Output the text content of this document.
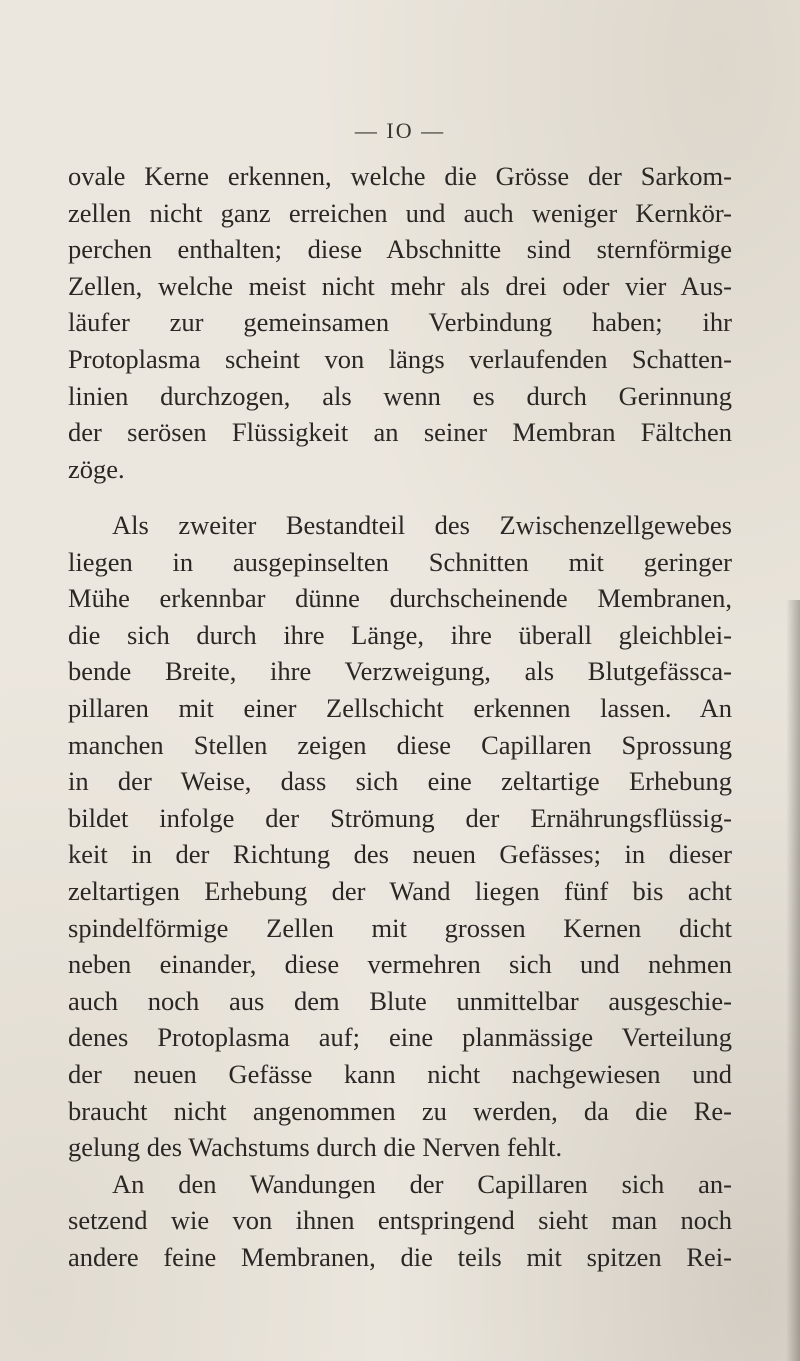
— IO —
ovale Kerne erkennen, welche die Grösse der Sarkom-
zellen nicht ganz erreichen und auch weniger Kernkör-
perchen enthalten; diese Abschnitte sind sternförmige
Zellen, welche meist nicht mehr als drei oder vier Aus-
läufer zur gemeinsamen Verbindung haben; ihr
Protoplasma scheint von längs verlaufenden Schatten-
linien durchzogen, als wenn es durch Gerinnung
der serösen Flüssigkeit an seiner Membran Fältchen
zöge.
Als zweiter Bestandteil des Zwischenzellgewebes
liegen in ausgepinselten Schnitten mit geringer
Mühe erkennbar dünne durchscheinende Membranen,
die sich durch ihre Länge, ihre überall gleichblei-
bende Breite, ihre Verzweigung, als Blutgefässca-
pillaren mit einer Zellschicht erkennen lassen. An
manchen Stellen zeigen diese Capillaren Sprossung
in der Weise, dass sich eine zeltartige Erhebung
bildet infolge der Strömung der Ernährungsflüssig-
keit in der Richtung des neuen Gefässes; in dieser
zeltartigen Erhebung der Wand liegen fünf bis acht
spindelförmige Zellen mit grossen Kernen dicht
neben einander, diese vermehren sich und nehmen
auch noch aus dem Blute unmittelbar ausgeschie-
denes Protoplasma auf; eine planmässige Verteilung
der neuen Gefässe kann nicht nachgewiesen und
braucht nicht angenommen zu werden, da die Re-
gelung des Wachstums durch die Nerven fehlt.
An den Wandungen der Capillaren sich an-
setzend wie von ihnen entspringend sieht man noch
andere feine Membranen, die teils mit spitzen Rei-
